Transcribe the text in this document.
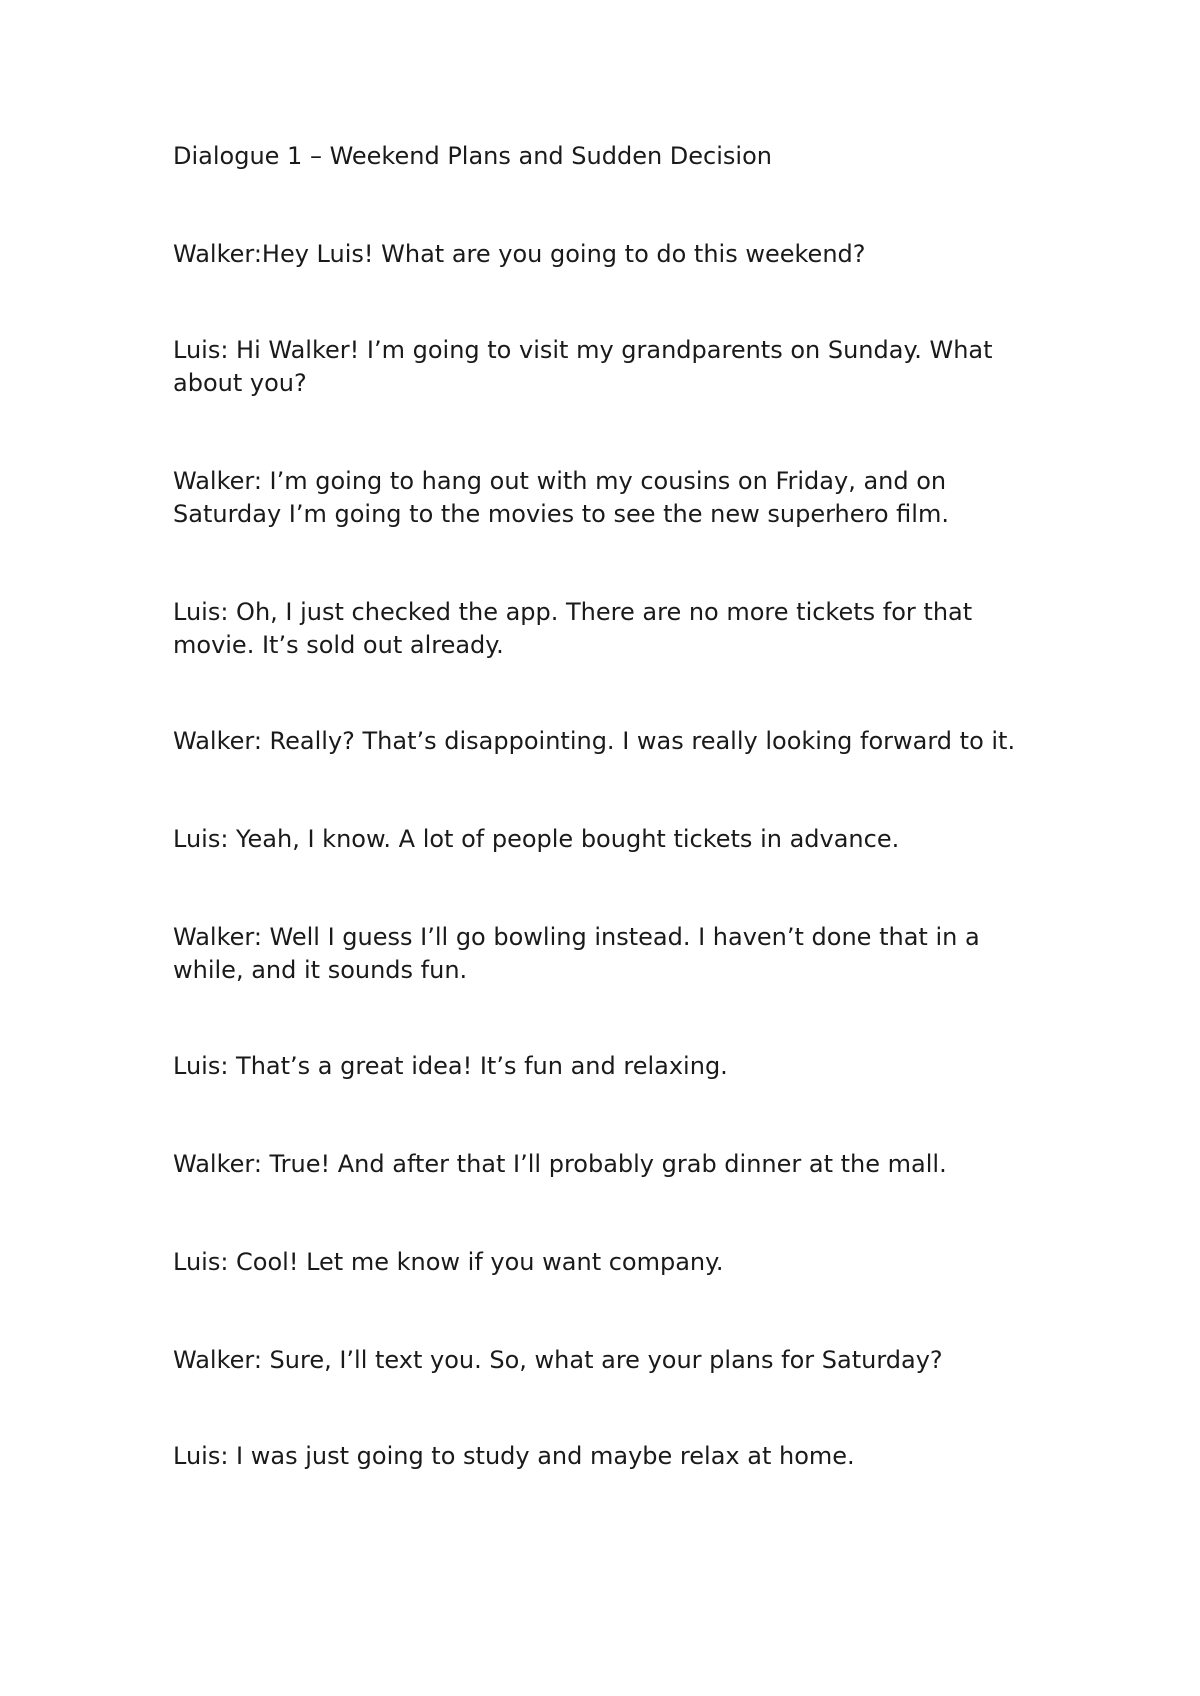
Dialogue 1 – Weekend Plans and Sudden Decision

Walker:Hey Luis! What are you going to do this weekend?

Luis: Hi Walker! I’m going to visit my grandparents on Sunday. What about you?

Walker: I’m going to hang out with my cousins on Friday, and on Saturday I’m going to the movies to see the new superhero film.

Luis: Oh, I just checked the app. There are no more tickets for that movie. It’s sold out already.

Walker: Really? That’s disappointing. I was really looking forward to it.

Luis: Yeah, I know. A lot of people bought tickets in advance.

Walker: Well I guess I’ll go bowling instead. I haven’t done that in a while, and it sounds fun.

Luis: That’s a great idea! It’s fun and relaxing.

Walker: True! And after that I’ll probably grab dinner at the mall.

Luis: Cool! Let me know if you want company.

Walker: Sure, I’ll text you. So, what are your plans for Saturday?

Luis: I was just going to study and maybe relax at home.
